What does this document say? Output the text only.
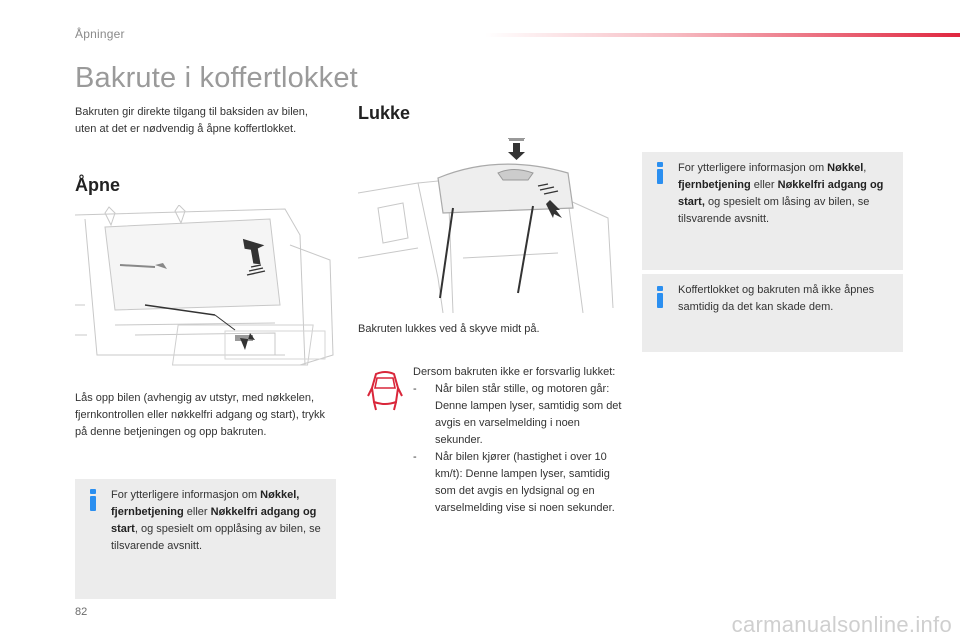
Åpninger
Bakrute i koffertlokket

Bakruten gir direkte tilgang til baksiden av bilen, uten at det er nødvendig å åpne koffertlokket.

Åpne

Lås opp bilen (avhengig av utstyr, med nøkkelen, fjernkontrollen eller nøkkelfri adgang og start), trykk på denne betjeningen og opp bakruten.

For ytterligere informasjon om Nøkkel, fjernbetjening eller Nøkkelfri adgang og start, og spesielt om opplåsing av bilen, se tilsvarende avsnitt.

Lukke

Bakruten lukkes ved å skyve midt på.

Dersom bakruten ikke er forsvarlig lukket:

- Når bilen står stille, og motoren går: Denne lampen lyser, samtidig som det avgis en varselmelding i noen sekunder.
- Når bilen kjører (hastighet i over 10 km/t): Denne lampen lyser, samtidig som det avgis en lydsignal og en varselmelding vise si noen sekunder.

For ytterligere informasjon om Nøkkel, fjernbetjening eller Nøkkelfri adgang og start, og spesielt om låsing av bilen, se tilsvarende avsnitt.

Koffertlokket og bakruten må ikke åpnes samtidig da det kan skade dem.

82	carmanualsonline.info
